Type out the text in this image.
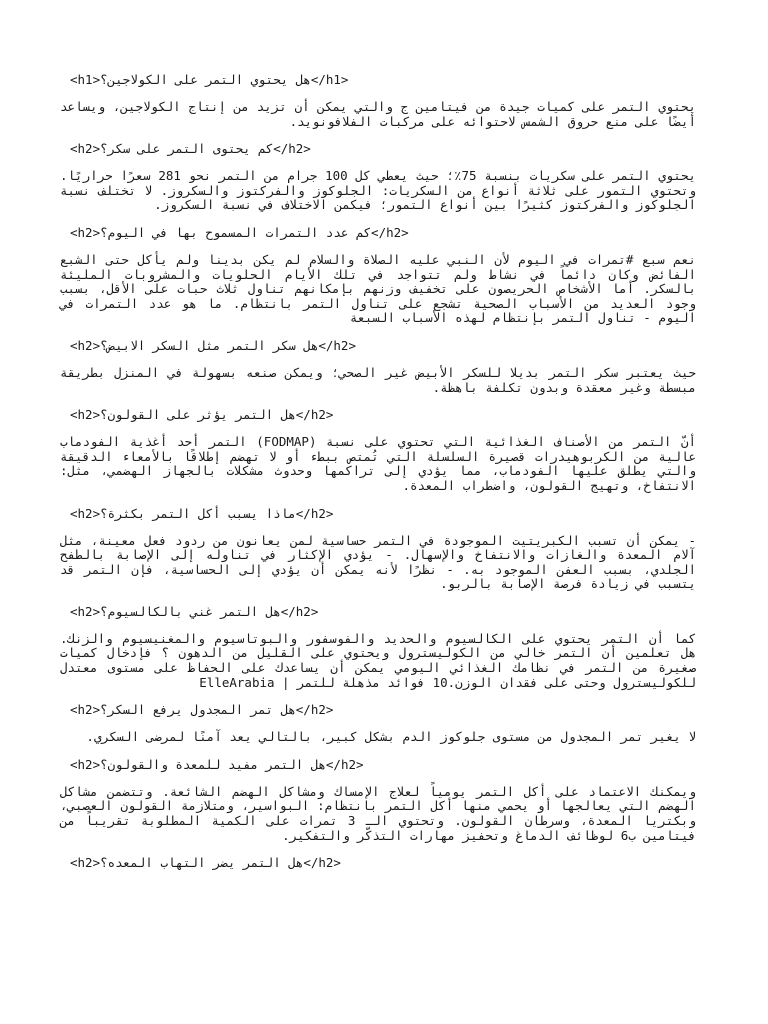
<h1>هل يحتوي التمر على الكولاجين؟</h1>

يحتوي التمر على كميات جيدة من فيتامين ج والتي يمكن أن تزيد من إنتاج الكولاجين، ويساعد أيضًا على منع حروق الشمس لاحتوائه على مركبات الفلافونويد.

<h2>كم يحتوى التمر على سكر؟</h2>

يحتوي التمر على سكريات بنسبة 75٪؛ حيث يعطي كل 100 جرام من التمر نحو 281 سعرًا حراريًا. وتحتوي التمور على ثلاثة أنواع من السكريات: الجلوكوز والفركتوز والسكروز. لا تختلف نسبة الجلوكوز والفركتوز كثيرًا بين أنواع التمور؛ فيكمن الاختلاف في نسبة السكروز.

<h2>كم عدد التمرات المسموح بها في اليوم؟</h2>

نعم سبع #تمرات في اليوم لأن النبي عليه الصلاة والسلام لم يكن بدينا ولم يأكل حتى الشبع الفائض وكان دائماً في نشاط ولم تتواجد في تلك الأيام الحلويات والمشروبات المليئة بالسكر. أما الأشخاص الحريصون على تخفيف وزنهم بإمكانهم تناول ثلاث حبات على الأقل، بسبب وجود العديد من الأسباب الصحية تشجع على تناول التمر بانتظام. ما هو عدد التمرات في اليوم - تناول التمر بإنتظام لهذه الأسباب السبعة

<h2>هل سكر التمر مثل السكر الابيض؟</h2>

حيث يعتبر سكر التمر بديلا للسكر الأبيض غير الصحي؛ ويمكن صنعه بسهولة في المنزل بطريقة مبسطة وغير معقدة وبدون تكلفة باهظة.

<h2>هل التمر يؤثر على القولون؟</h2>

أنّ التمر من الأصناف الغذائية التي تحتوي على نسبة (FODMAP) التمر أحد أغذية الفودماب عالية من الكربوهيدرات قصيرة السلسلة التي تُمتص ببطء أو لا تهضم إطلاقًا بالأمعاء الدقيقة والتي يطلق عليها الفودماب، مما يؤدي إلى تراكمها وحدوث مشكلات بالجهاز الهضمي، مثل: الانتفاخ، وتهيج القولون، واضطراب المعدة.

<h2>ماذا يسبب أكل التمر بكثرة؟</h2>

- يمكن أن تسبب الكبريتيت الموجودة في التمر حساسية لمن يعانون من ردود فعل معينة، مثل آلام المعدة والغازات والانتفاخ والإسهال. - يؤدي الإكثار في تناوله إلى الإصابة بالطفح الجلدي، بسبب العفن الموجود به. - نظرًا لأنه يمكن أن يؤدي إلى الحساسية، فإن التمر قد يتسبب في زيادة فرصة الإصابة بالربو.

<h2>هل التمر غني بالكالسيوم؟</h2>

كما أن التمر يحتوي على الكالسيوم والحديد والفوسفور والبوتاسيوم والمغنيسيوم والزنك. هل تعلمين أن التمر خالي من الكوليسترول ويحتوي على القليل من الدهون ؟ فإدخال كميات صغيرة من التمر في نظامك الغذائي اليومي يمكن أن يساعدك على الحفاظ على مستوى معتدل للكوليسترول وحتى على فقدان الوزن.10 فوائد مذهلة للتمر | ElleArabia

<h2>هل تمر المجدول يرفع السكر؟</h2>

لا يغير تمر المجدول من مستوى جلوكوز الدم بشكل كبير، بالتالي يعد آمنًا لمرضى السكري.

<h2>هل التمر مفيد للمعدة والقولون؟</h2>

ويمكنك الاعتماد على أكل التمر يومياً لعلاج الإمساك ومشاكل الهضم الشائعة. وتتضمن مشاكل الهضم التي يعالجها أو يحمي منها أكل التمر بانتظام: البواسير، ومتلازمة القولون العصبي، وبكتريا المعدة، وسرطان القولون. وتحتوي الـ 3 تمرات على الكمية المطلوبة تقريباً من فيتامين ب6 لوظائف الدماغ وتحفيز مهارات التذكّر والتفكير.

<h2>هل التمر يضر التهاب المعده؟</h2>
